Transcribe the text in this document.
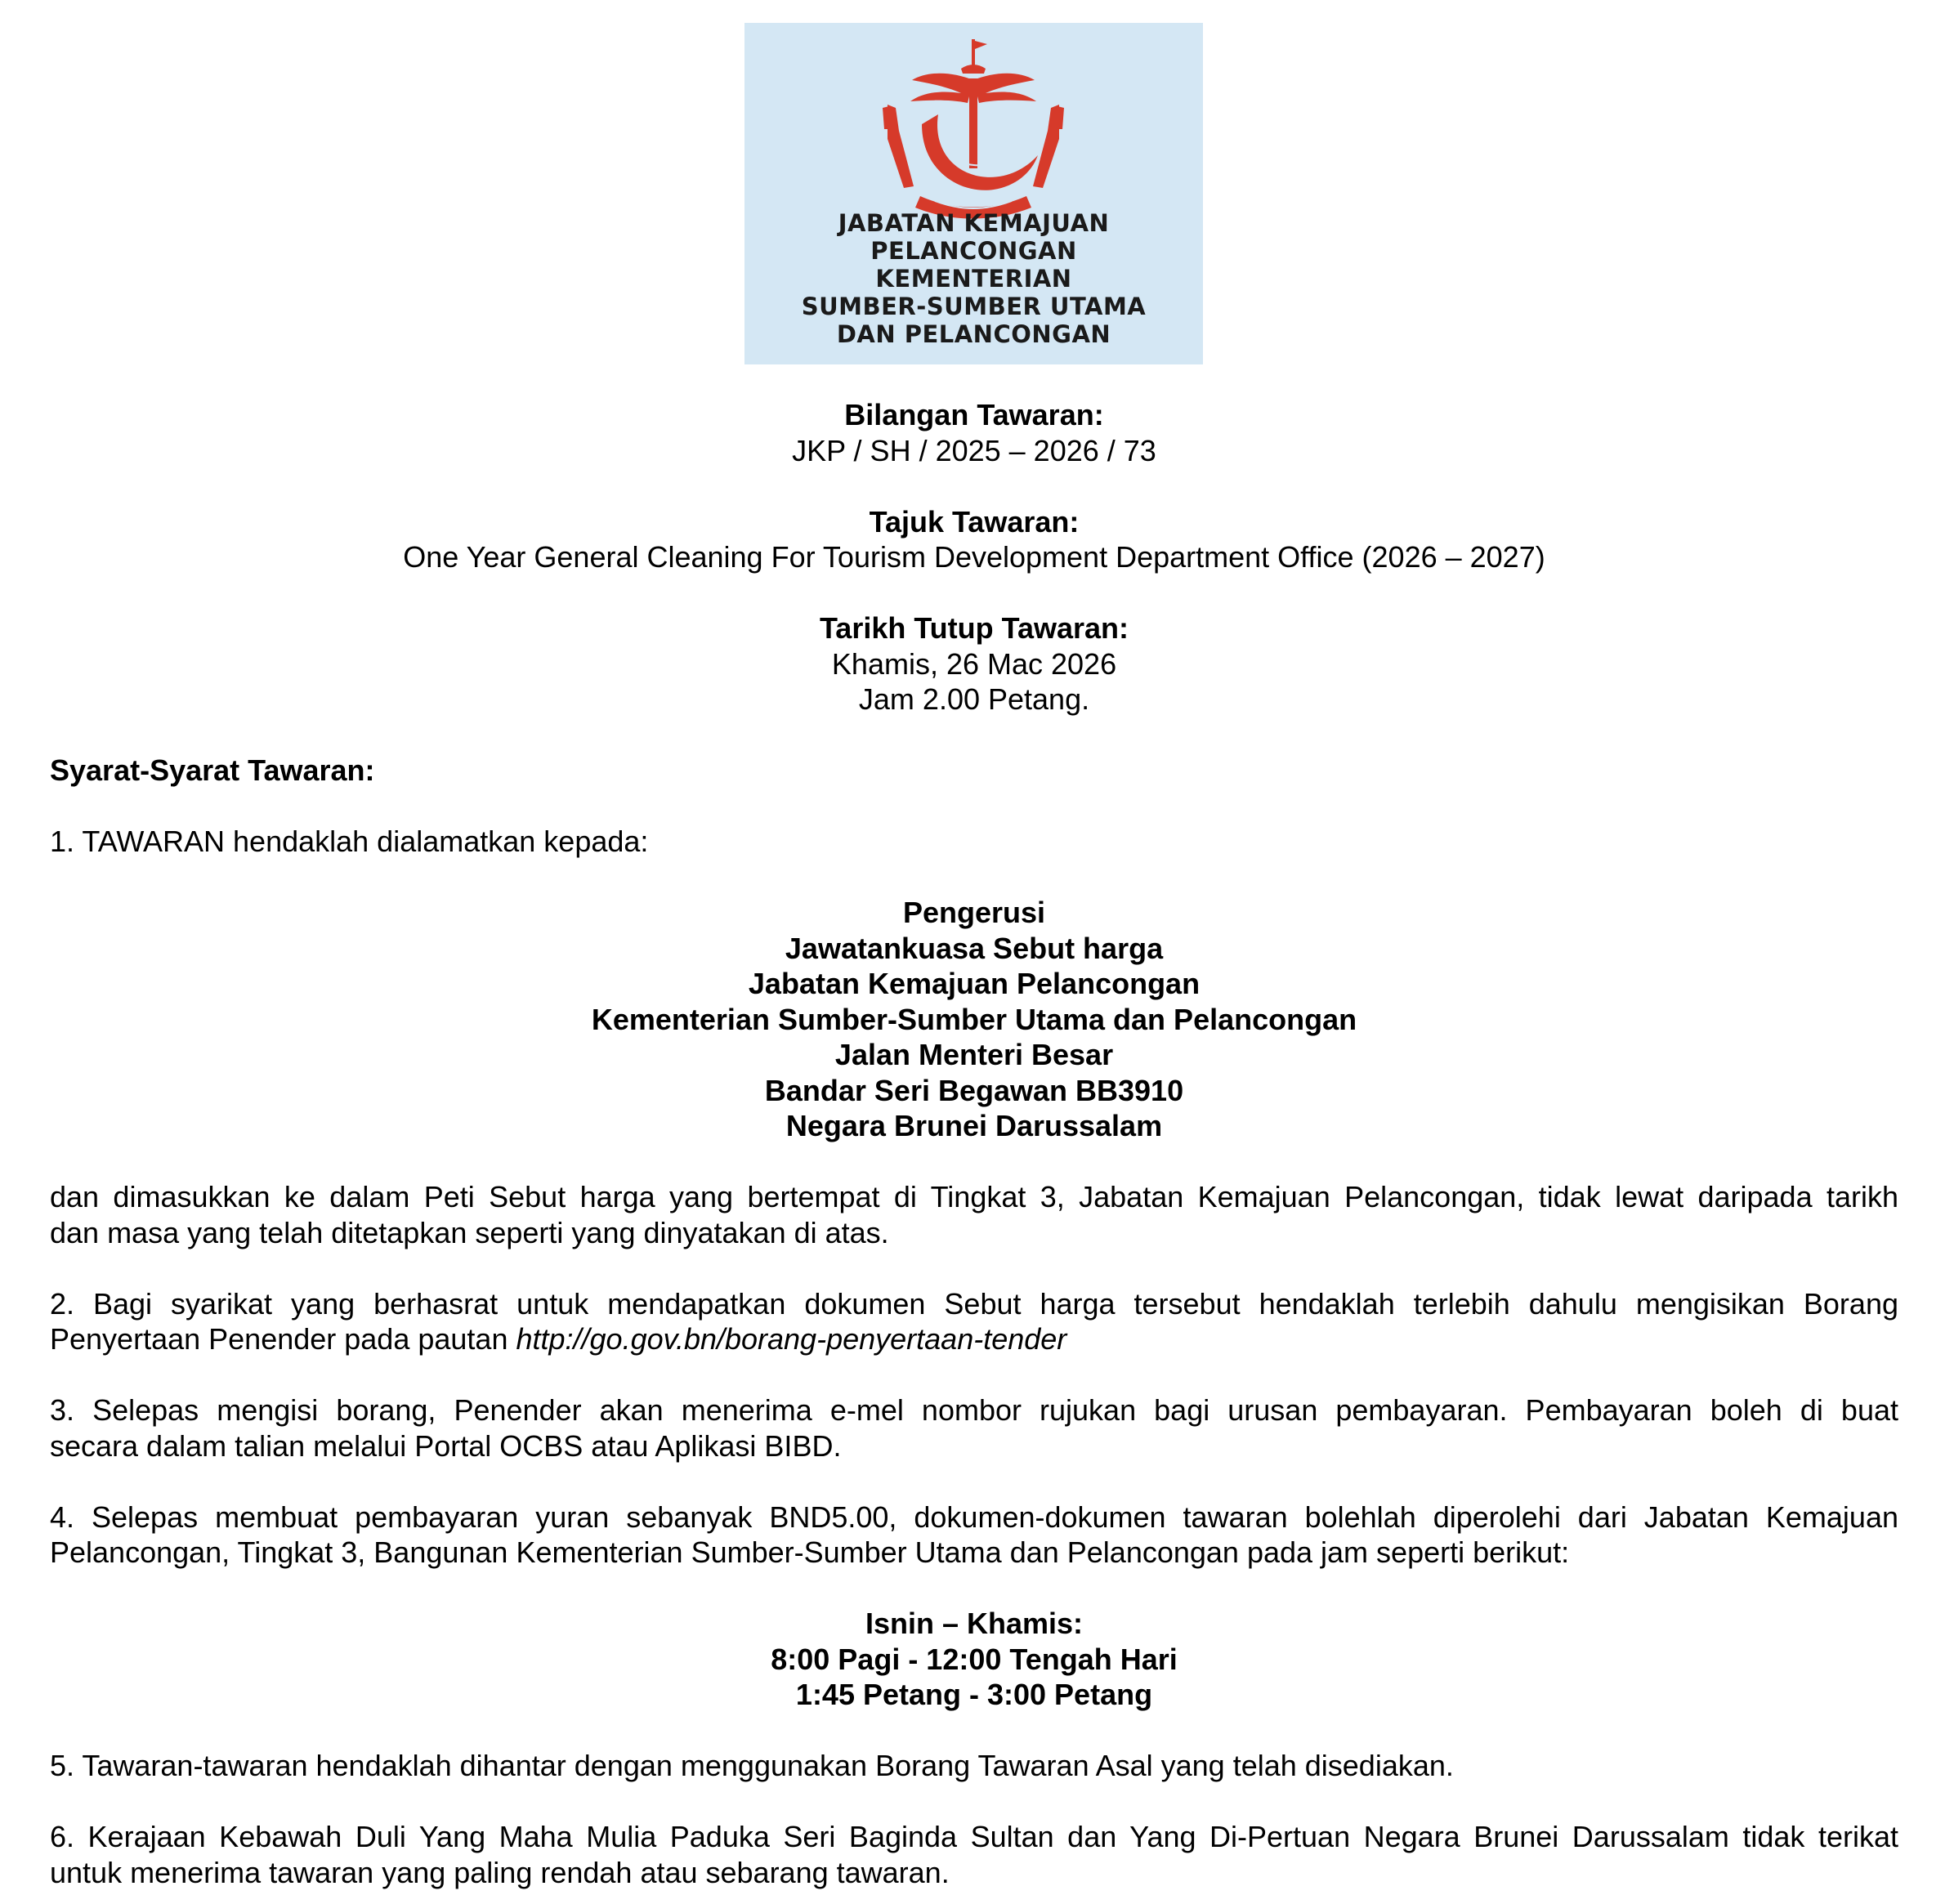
JABATAN KEMAJUAN
PELANCONGAN
KEMENTERIAN
SUMBER-SUMBER UTAMA
DAN PELANCONGAN
Bilangan Tawaran:
JKP / SH / 2025 – 2026 / 73
Tajuk Tawaran:
One Year General Cleaning For Tourism Development Department Office (2026 – 2027)
Tarikh Tutup Tawaran:
Khamis, 26 Mac 2026
Jam 2.00 Petang.
Syarat-Syarat Tawaran:
1. TAWARAN hendaklah dialamatkan kepada:
Pengerusi
Jawatankuasa Sebut harga
Jabatan Kemajuan Pelancongan
Kementerian Sumber-Sumber Utama dan Pelancongan
Jalan Menteri Besar
Bandar Seri Begawan BB3910
Negara Brunei Darussalam
dan dimasukkan ke dalam Peti Sebut harga yang bertempat di Tingkat 3, Jabatan Kemajuan Pelancongan, tidak lewat daripada tarikh
dan masa yang telah ditetapkan seperti yang dinyatakan di atas.
2. Bagi syarikat yang berhasrat untuk mendapatkan dokumen Sebut harga tersebut hendaklah terlebih dahulu mengisikan Borang
Penyertaan Penender pada pautan http://go.gov.bn/borang-penyertaan-tender
3. Selepas mengisi borang, Penender akan menerima e-mel nombor rujukan bagi urusan pembayaran. Pembayaran boleh di buat
secara dalam talian melalui Portal OCBS atau Aplikasi BIBD.
4. Selepas membuat pembayaran yuran sebanyak BND5.00, dokumen-dokumen tawaran bolehlah diperolehi dari Jabatan Kemajuan
Pelancongan, Tingkat 3, Bangunan Kementerian Sumber-Sumber Utama dan Pelancongan pada jam seperti berikut:
Isnin – Khamis:
8:00 Pagi - 12:00 Tengah Hari
1:45 Petang - 3:00 Petang
5. Tawaran-tawaran hendaklah dihantar dengan menggunakan Borang Tawaran Asal yang telah disediakan.
6. Kerajaan Kebawah Duli Yang Maha Mulia Paduka Seri Baginda Sultan dan Yang Di-Pertuan Negara Brunei Darussalam tidak terikat
untuk menerima tawaran yang paling rendah atau sebarang tawaran.
